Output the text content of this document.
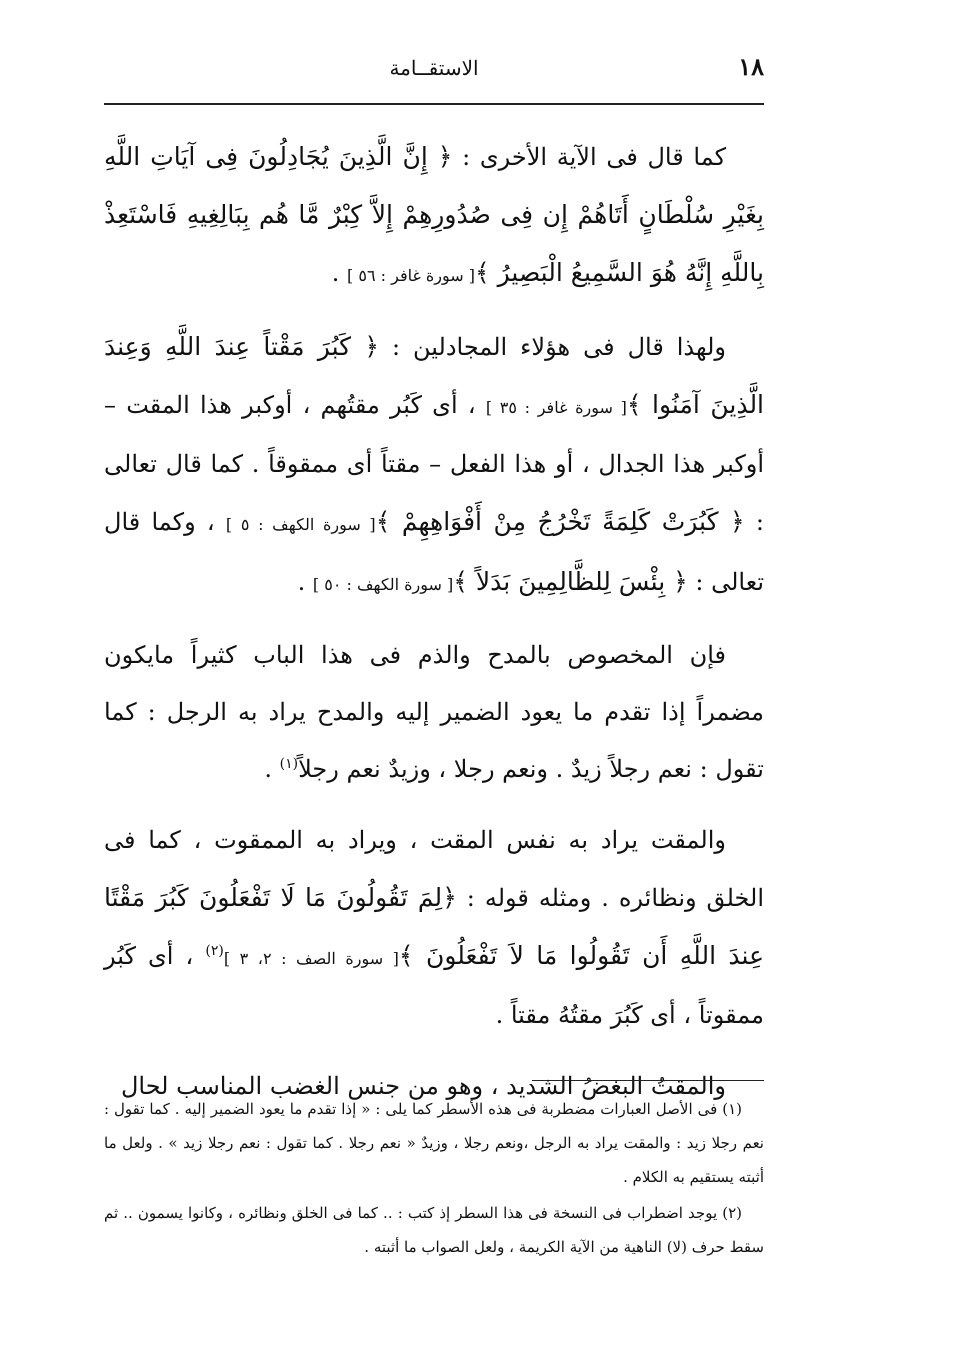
١٨
الاستقــامة

كما قال فى الآية الأخرى : ﴿ إِنَّ الَّذِينَ يُجَادِلُونَ فِى آيَاتِ اللَّهِ بِغَيْرِ سُلْطَانٍ أَتَاهُمْ إِن فِى صُدُورِهِمْ إِلاَّ كِبْرٌ مَّا هُم بِبَالِغِيهِ فَاسْتَعِذْ بِاللَّهِ إِنَّهُ هُوَ السَّمِيعُ الْبَصِيرُ ﴾[ سورة غافر : ٥٦ ] .

ولهذا قال فى هؤلاء المجادلين : ﴿ كَبُرَ مَقْتاً عِندَ اللَّهِ وَعِندَ الَّذِينَ آمَنُوا ﴾[ سورة غافر : ٣٥ ] ، أى كَبُر مقتُهم ، أوكبر هذا المقت – أوكبر هذا الجدال ، أو هذا الفعل – مقتاً أى ممقوقاً . كما قال تعالى : ﴿ كَبُرَتْ كَلِمَةً تَخْرُجُ مِنْ أَفْوَاهِهِمْ ﴾[ سورة الكهف : ٥ ] ، وكما قال تعالى : ﴿ بِئْسَ لِلظَّالِمِينَ بَدَلاً ﴾[ سورة الكهف : ٥٠ ] .

فإن المخصوص بالمدح والذم فى هذا الباب كثيراً مايكون مضمراً إذا تقدم ما يعود الضمير إليه والمدح يراد به الرجل : كما تقول : نعم رجلاً زيدٌ . ونعم رجلا ، وزيدٌ نعم رجلاً$^{(١)}$ .

والمقت يراد به نفس المقت ، ويراد به الممقوت ، كما فى الخلق ونظائره . ومثله قوله : ﴿لِمَ تَقُولُونَ مَا لَا تَفْعَلُونَ كَبُرَ مَقْتًا عِندَ اللَّهِ أَن تَقُولُوا مَا لاَ تَفْعَلُونَ ﴾[ سورة الصف : ٢، ٣ ]$^{(٢)}$ ، أى كَبُر ممقوتاً ، أى كَبُرَ مقتُهُ مقتاً .

والمقتُ البغضُ الشديد ، وهو من جنس الغضب المناسب لحال

(١) فى الأصل العبارات مضطربة فى هذه الأسطر كما يلى : « إذا تقدم ما يعود الضمير إليه . كما تقول : نعم رجلا زيد : والمقت يراد به الرجل ،ونعم رجلا ، وزيدٌ « نعم رجلا . كما تقول : نعم رجلا زيد » . ولعل ما أثبته يستقيم به الكلام .

(٢) يوجد اضطراب فى النسخة فى هذا السطر إذ كتب : .. كما فى الخلق ونظائره ، وكانوا يسمون .. ثم سقط حرف (لا) الناهية من الآية الكريمة ، ولعل الصواب ما أثبته .
